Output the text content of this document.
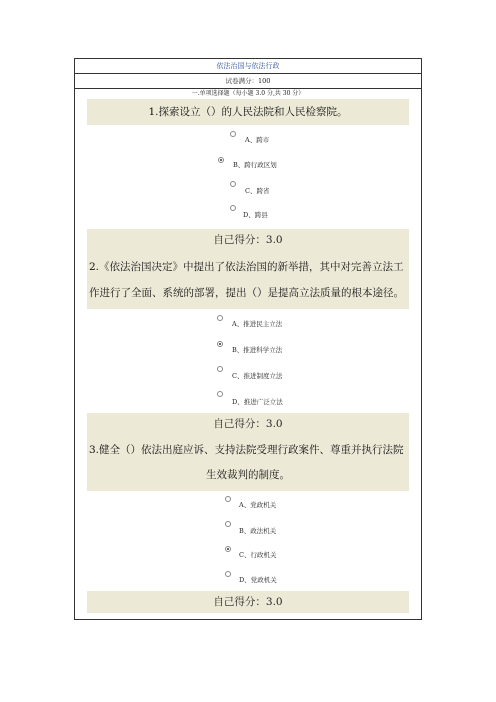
依法治国与依法行政
试卷满分：100
一.单项选择题（每小题 3.0 分,共 30 分）
1.探索设立（）的人民法院和人民检察院。
A、跨市
B、跨行政区划
C、跨省
D、跨县
自己得分：3.0
2.《依法治国决定》中提出了依法治国的新举措，其中对完善立法工
作进行了全面、系统的部署，提出（）是提高立法质量的根本途径。
A、推进民主立法
B、推进科学立法
C、推进制度立法
D、推进广泛立法
自己得分：3.0
3.健全（）依法出庭应诉、支持法院受理行政案件、尊重并执行法院
生效裁判的制度。
A、党政机关
B、政法机关
C、行政机关
D、党政机关
自己得分：3.0
